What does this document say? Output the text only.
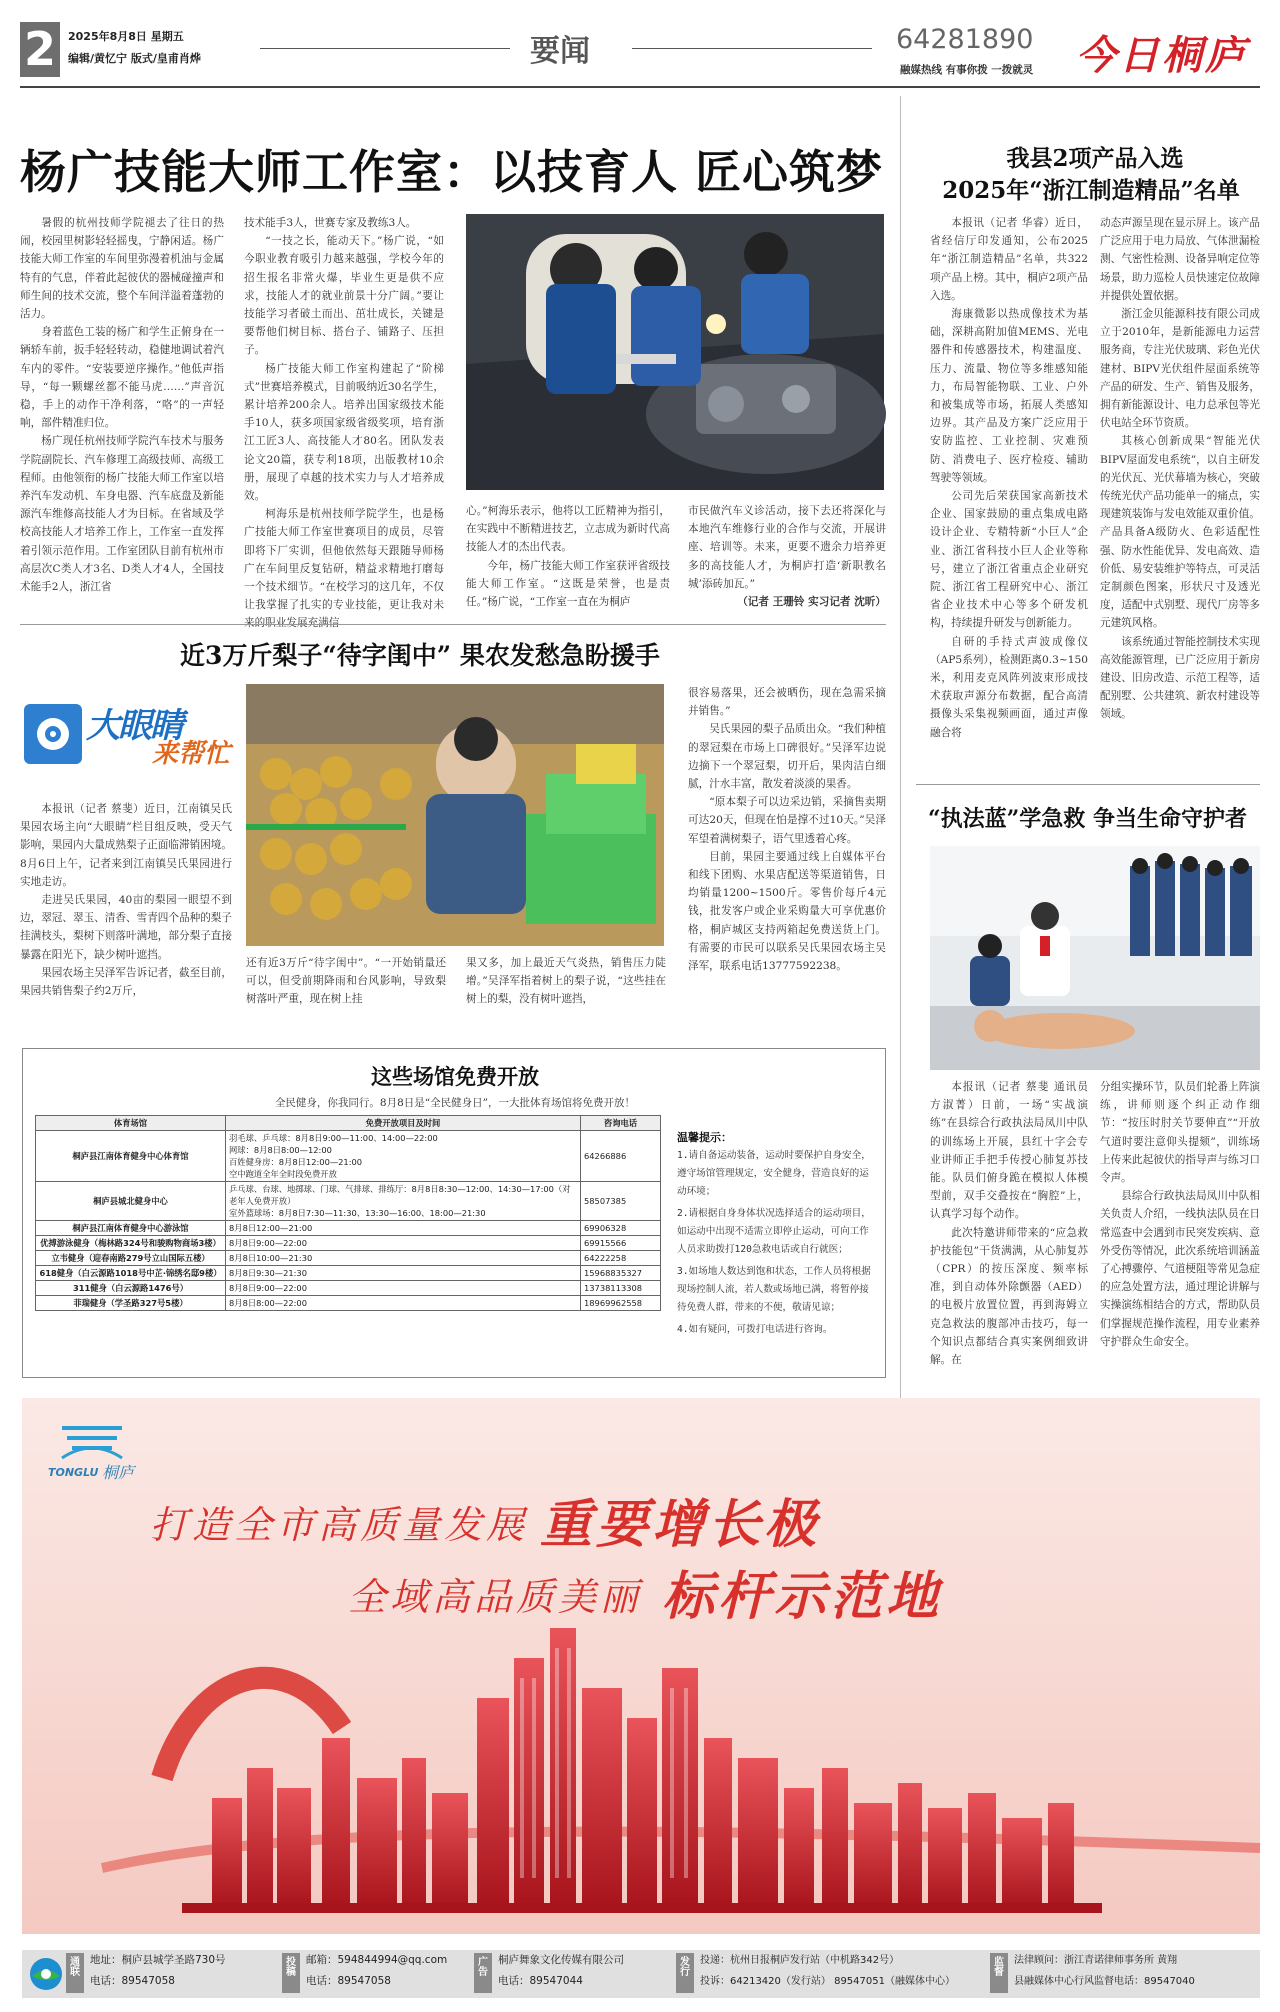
2	2025年8月8日 星期五
编辑/黄忆宁 版式/皇甫肖烨	要闻	64281890
融媒热线 有事你拨 一拨就灵 今日桐庐
杨广技能大师工作室：以技育人 匠心筑梦

暑假的杭州技师学院褪去了往日的热闹，校园里树影轻轻摇曳，宁静闲适。杨广技能大师工作室的车间里弥漫着机油与金属特有的气息，伴着此起彼伏的器械碰撞声和师生间的技术交流，整个车间洋溢着蓬勃的活力。

身着蓝色工装的杨广和学生正俯身在一辆轿车前，扳手轻轻转动，稳健地调试着汽车内的零件。“安装要逆序操作。”他低声指导，“每一颗螺丝都不能马虎……”声音沉稳，手上的动作干净利落，“咯”的一声轻响，部件精准归位。

杨广现任杭州技师学院汽车技术与服务学院副院长、汽车修理工高级技师、高级工程师。由他领衔的杨广技能大师工作室以培养汽车发动机、车身电器、汽车底盘及新能源汽车维修高技能人才为目标。在省域及学校高技能人才培养工作上，工作室一直发挥着引领示范作用。工作室团队目前有杭州市高层次C类人才3名、D类人才4人，全国技术能手2人，浙江省

技术能手3人，世赛专家及教练3人。

“一技之长，能动天下。”杨广说，“如今职业教育吸引力越来越强，学校今年的招生报名非常火爆，毕业生更是供不应求，技能人才的就业前景十分广阔。”要让技能学习者破土而出、茁壮成长，关键是要帮他们树目标、搭台子、铺路子、压担子。

杨广技能大师工作室构建起了“阶梯式”世赛培养模式，目前吸纳近30名学生，累计培养200余人。培养出国家级技术能手10人，获多项国家级省级奖项，培育浙江工匠3人、高技能人才80名。团队发表论文20篇，获专利18项，出版教材10余册，展现了卓越的技术实力与人才培养成效。

柯海乐是杭州技师学院学生，也是杨广技能大师工作室世赛项目的成员，尽管即将下厂实训，但他依然每天跟随导师杨广在车间里反复钻研，精益求精地打磨每一个技术细节。“在校学习的这几年，不仅让我掌握了扎实的专业技能，更让我对未来的职业发展充满信

心。”柯海乐表示，他将以工匠精神为指引，在实践中不断精进技艺，立志成为新时代高技能人才的杰出代表。

今年，杨广技能大师工作室获评省级技能大师工作室。“这既是荣誉，也是责任。”杨广说，“工作室一直在为桐庐

市民做汽车义诊活动，接下去还将深化与本地汽车维修行业的合作与交流，开展讲座、培训等。未来，更要不遗余力培养更多的高技能人才，为桐庐打造‘新职教名城’添砖加瓦。”

（记者 王珊铃 实习记者 沈昕）

近3万斤梨子“待字闺中” 果农发愁急盼援手
大眼睛
来帮忙

本报讯（记者 蔡斐）近日，江南镇吴氏果园农场主向“大眼睛”栏目组反映，受天气影响，果园内大量成熟梨子正面临滞销困境。8月6日上午，记者来到江南镇吴氏果园进行实地走访。

走进吴氏果园，40亩的梨园一眼望不到边，翠冠、翠玉、清香、雪青四个品种的梨子挂满枝头，梨树下则落叶满地，部分梨子直接暴露在阳光下，缺少树叶遮挡。

果园农场主吴泽军告诉记者，截至目前，果园共销售梨子约2万斤，

还有近3万斤“待字闺中”。“一开始销量还可以，但受前期降雨和台风影响，导致梨树落叶严重，现在树上挂

果又多，加上最近天气炎热，销售压力陡增。”吴泽军指着树上的梨子说，“这些挂在树上的梨，没有树叶遮挡，

很容易落果，还会被晒伤，现在急需采摘并销售。”

吴氏果园的梨子品质出众。“我们种植的翠冠梨在市场上口碑很好。”吴泽军边说边摘下一个翠冠梨，切开后，果肉洁白细腻，汁水丰富，散发着淡淡的果香。

“原本梨子可以边采边销，采摘售卖期可达20天，但现在怕是撑不过10天。”吴泽军望着满树梨子，语气里透着心疼。

目前，果园主要通过线上自媒体平台和线下团购、水果店配送等渠道销售，日均销量1200~1500斤。零售价每斤4元钱，批发客户或企业采购量大可享优惠价格，桐庐城区支持两箱起免费送货上门。有需要的市民可以联系吴氏果园农场主吴泽军，联系电话13777592238。

我县2项产品入选
2025年“浙江制造精品”名单

本报讯（记者 华睿）近日，省经信厅印发通知，公布2025年“浙江制造精品”名单，共322项产品上榜。其中，桐庐2项产品入选。

海康微影以热成像技术为基础，深耕高附加值MEMS、光电器件和传感器技术，构建温度、压力、流量、物位等多维感知能力，布局智能物联、工业、户外和被集成等市场，拓展人类感知边界。其产品及方案广泛应用于安防监控、工业控制、灾难预防、消费电子、医疗检疫、辅助驾驶等领域。

公司先后荣获国家高新技术企业、国家鼓励的重点集成电路设计企业、专精特新“小巨人”企业、浙江省科技小巨人企业等称号，建立了浙江省重点企业研究院、浙江省工程研究中心、浙江省企业技术中心等多个研发机构，持续提升研发与创新能力。

自研的手持式声波成像仪（AP5系列），检测距离0.3~150米，利用麦克风阵列波束形成技术获取声源分布数据，配合高清摄像头采集视频画面，通过声像融合将

动态声源呈现在显示屏上。该产品广泛应用于电力局放、气体泄漏检测、气密性检测、设备异响定位等场景，助力巡检人员快速定位故障并提供处置依据。

浙江金贝能源科技有限公司成立于2010年，是新能源电力运营服务商，专注光伏玻璃、彩色光伏建材、BIPV光伏组件屋面系统等产品的研发、生产、销售及服务，拥有新能源设计、电力总承包等光伏电站全环节资质。

其核心创新成果“智能光伏BIPV屋面发电系统”，以自主研发的光伏瓦、光伏幕墙为核心，突破传统光伏产品功能单一的痛点，实现建筑装饰与发电效能双重价值。产品具备A级防火、色彩适配性强、防水性能优异、发电高效、造价低、易安装维护等特点，可灵活定制颜色图案，形状尺寸及透光度，适配中式别墅、现代厂房等多元建筑风格。

该系统通过智能控制技术实现高效能源管理，已广泛应用于新房建设、旧房改造、示范工程等，适配别墅、公共建筑、新农村建设等领域。

“执法蓝”学急救 争当生命守护者

本报讯（记者 蔡斐 通讯员 方淑菁）日前，一场“实战演练”在县综合行政执法局凤川中队的训练场上开展，县红十字会专业讲师正手把手传授心肺复苏技能。队员们俯身跪在模拟人体模型前，双手交叠按在“胸腔”上，认真学习每个动作。

此次特邀讲师带来的“应急救护技能包”干货满满，从心肺复苏（CPR）的按压深度、频率标准，到自动体外除颤器（AED）的电极片放置位置，再到海姆立克急救法的腹部冲击技巧，每一个知识点都结合真实案例细致讲解。在

分组实操环节，队员们轮番上阵演练，讲师则逐个纠正动作细节：“按压时肘关节要伸直”“开放气道时要注意仰头提颏”，训练场上传来此起彼伏的指导声与练习口令声。

县综合行政执法局凤川中队相关负责人介绍，一线执法队员在日常巡查中会遇到市民突发疾病、意外受伤等情况，此次系统培训涵盖了心搏骤停、气道梗阻等常见急症的应急处置方法，通过理论讲解与实操演练相结合的方式，帮助队员们掌握规范操作流程，用专业素养守护群众生命安全。

这些场馆免费开放
全民健身，你我同行。8月8日是“全民健身日”，一大批体育场馆将免费开放！
体育场馆	免费开放项目及时间	咨询电话
桐庐县江南体育健身中心体育馆	羽毛球、乒乓球：8月8日9:00—11:00、14:00—22:00
网球：8月8日8:00—12:00
百姓健身房：8月8日12:00—21:00
空中跑道全年全时段免费开放	64266886
桐庐县城北健身中心	乒乓球、台球、地掷球、门球、气排球、排练厅：8月8日8:30—12:00、14:30—17:00（对老年人免费开放）
室外篮球场：8月8日7:30—11:30、13:30—16:00、18:00—21:30	58507385
桐庐县江南体育健身中心游泳馆	8月8日12:00—21:00	69906328
优搏游泳健身（梅林路324号和骏购物商场3楼）	8月8日9:00—22:00	69915566
立韦健身（迎春南路279号立山国际五楼）	8月8日10:00—21:30	64222258
618健身（白云源路1018号中芷·锦绣名邸9楼）	8月8日9:30—21:30	15968835327
311健身（白云源路1476号）	8月8日9:00—22:00	13738113308
菲瑞健身（学圣路327号5楼）	8月8日8:00—22:00	18969962558
温馨提示：
1.请自备运动装备，运动时要保护自身安全，遵守场馆管理规定，安全健身，营造良好的运动环境；
2.请根据自身身体状况选择适合的运动项目，如运动中出现不适需立即停止运动，可向工作人员求助拨打120急救电话或自行就医；
3.如场地人数达到饱和状态，工作人员将根据现场控制人流，若人数或场地已满，将暂停接待免费人群，带来的不便，敬请见谅；
4.如有疑问，可拨打电话进行咨询。
TONGLU 桐庐
打造全市高质量发展 重要增长极
全域高品质美丽 标杆示范地
通联
地址：桐庐县城学圣路730号
电话：89547058
投稿
邮箱：594844994@qq.com
电话：89547058
广告
桐庐舞象文化传媒有限公司
电话：89547044
发行
投递：杭州日报桐庐发行站（中机路342号）
投诉：64213420（发行站） 89547051（融媒体中心）
监督
法律顾问：浙江青诺律师事务所 黄翔
县融媒体中心行风监督电话：89547040
